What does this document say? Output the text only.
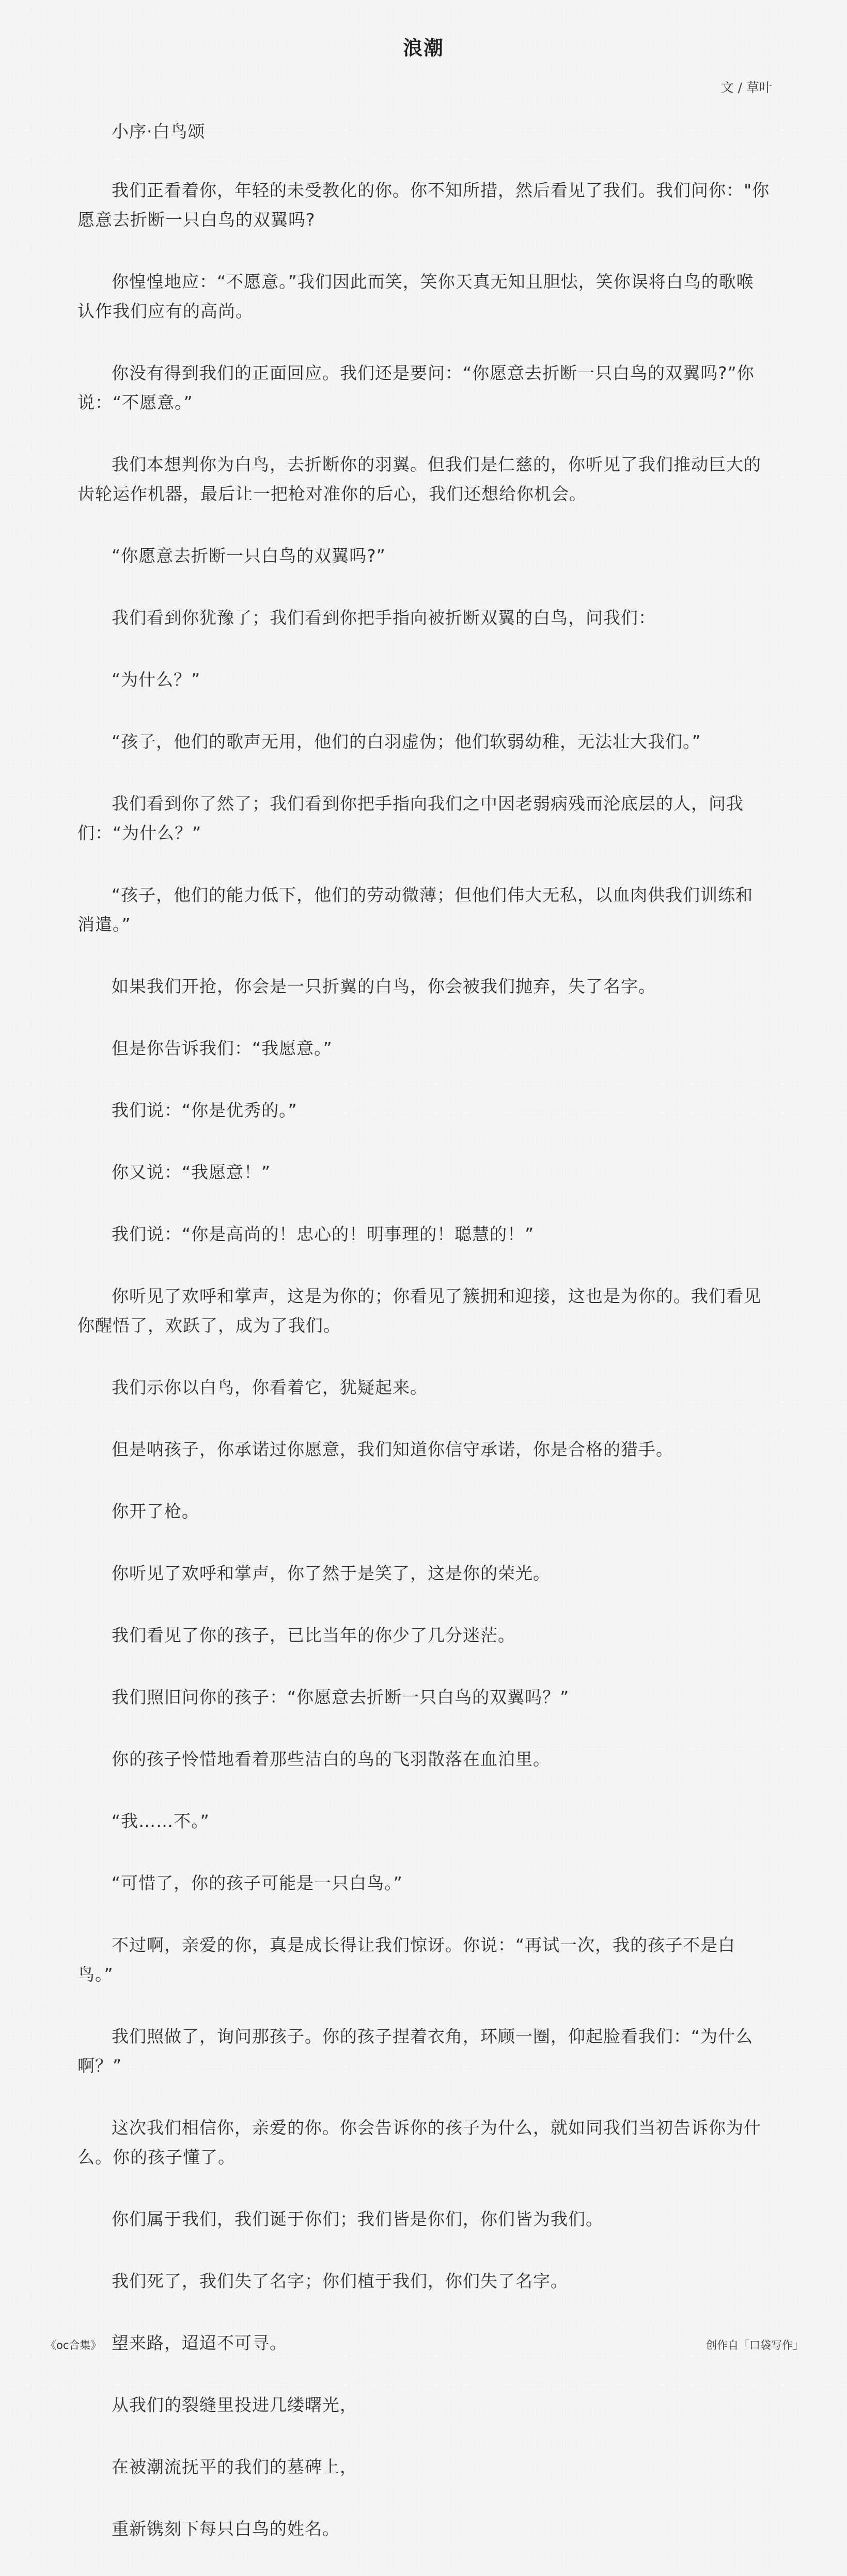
浪潮
文 / 草叶

小序·白鸟颂

我们正看着你，年轻的未受教化的你。你不知所措，然后看见了我们。我们问你："你愿意去折断一只白鸟的双翼吗?

你惶惶地应：“不愿意。”我们因此而笑，笑你天真无知且胆怯，笑你误将白鸟的歌喉认作我们应有的高尚。

你没有得到我们的正面回应。我们还是要问：“你愿意去折断一只白鸟的双翼吗?”你说：“不愿意。”

我们本想判你为白鸟，去折断你的羽翼。但我们是仁慈的，你听见了我们推动巨大的齿轮运作机器，最后让一把枪对准你的后心，我们还想给你机会。

“你愿意去折断一只白鸟的双翼吗?”

我们看到你犹豫了；我们看到你把手指向被折断双翼的白鸟，问我们：

“为什么？”

“孩子，他们的歌声无用，他们的白羽虚伪；他们软弱幼稚，无法壮大我们。”

我们看到你了然了；我们看到你把手指向我们之中因老弱病残而沦底层的人，问我们：“为什么？”

“孩子，他们的能力低下，他们的劳动微薄；但他们伟大无私，以血肉供我们训练和消遣。”

如果我们开抢，你会是一只折翼的白鸟，你会被我们抛弃，失了名字。

但是你告诉我们：“我愿意。”

我们说：“你是优秀的。”

你又说：“我愿意！”

我们说：“你是高尚的！忠心的！明事理的！聪慧的！”

你听见了欢呼和掌声，这是为你的；你看见了簇拥和迎接，这也是为你的。我们看见你醒悟了，欢跃了，成为了我们。

我们示你以白鸟，你看着它，犹疑起来。

但是呐孩子，你承诺过你愿意，我们知道你信守承诺，你是合格的猎手。

你开了枪。

你听见了欢呼和掌声，你了然于是笑了，这是你的荣光。

我们看见了你的孩子，已比当年的你少了几分迷茫。

我们照旧问你的孩子：“你愿意去折断一只白鸟的双翼吗？”

你的孩子怜惜地看着那些洁白的鸟的飞羽散落在血泊里。

“我……不。”

“可惜了，你的孩子可能是一只白鸟。”

不过啊，亲爱的你，真是成长得让我们惊讶。你说：“再试一次，我的孩子不是白鸟。”

我们照做了，询问那孩子。你的孩子捏着衣角，环顾一圈，仰起脸看我们：“为什么啊？”

这次我们相信你，亲爱的你。你会告诉你的孩子为什么，就如同我们当初告诉你为什么。你的孩子懂了。

你们属于我们，我们诞于你们；我们皆是你们，你们皆为我们。

我们死了，我们失了名字；你们植于我们，你们失了名字。

望来路，迢迢不可寻。

从我们的裂缝里投进几缕曙光，

在被潮流抚平的我们的墓碑上，

重新镌刻下每只白鸟的姓名。

《oc合集》	创作自「口袋写作」
